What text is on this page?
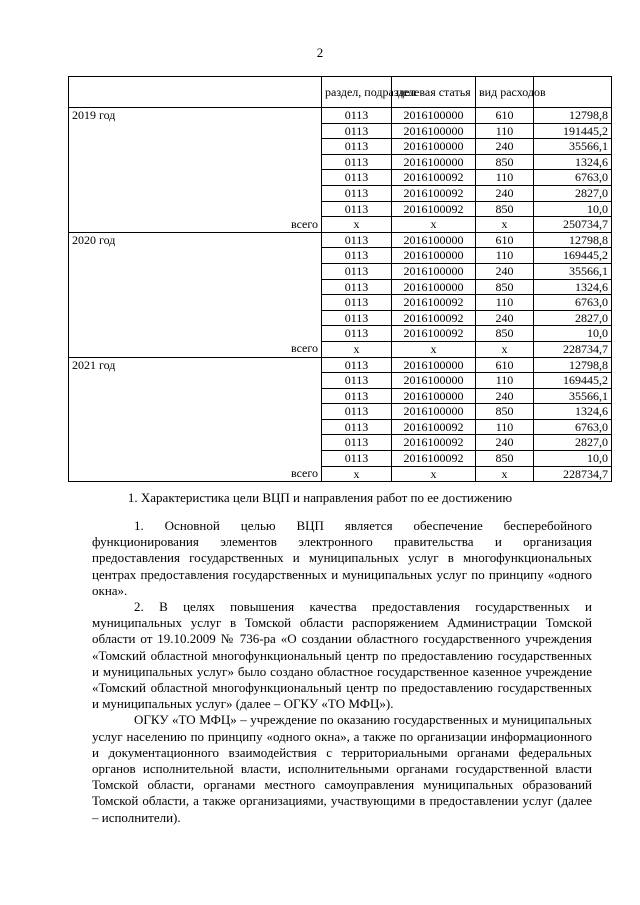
2
	раздел, подраздел	целевая статья	вид расходов	
2019 год	0113	2016100000	610	12798,8
	0113	2016100000	110	191445,2
	0113	2016100000	240	35566,1
	0113	2016100000	850	1324,6
	0113	2016100092	110	6763,0
	0113	2016100092	240	2827,0
	0113	2016100092	850	10,0
всего	х	х	х	250734,7
2020 год	0113	2016100000	610	12798,8
	0113	2016100000	110	169445,2
	0113	2016100000	240	35566,1
	0113	2016100000	850	1324,6
	0113	2016100092	110	6763,0
	0113	2016100092	240	2827,0
	0113	2016100092	850	10,0
всего	х	х	х	228734,7
2021 год	0113	2016100000	610	12798,8
	0113	2016100000	110	169445,2
	0113	2016100000	240	35566,1
	0113	2016100000	850	1324,6
	0113	2016100092	110	6763,0
	0113	2016100092	240	2827,0
	0113	2016100092	850	10,0
всего	х	х	х	228734,7
1. Характеристика цели ВЦП и направления работ по ее достижению

1. Основной целью ВЦП является обеспечение бесперебойного функционирования элементов электронного правительства и организация предоставления государственных и муниципальных услуг в многофункциональных центрах предоставления государственных и муниципальных услуг по принципу «одного окна».

2. В целях повышения качества предоставления государственных и муниципальных услуг в Томской области распоряжением Администрации Томской области от 19.10.2009 № 736-ра «О создании областного государственного учреждения «Томский областной многофункциональный центр по предоставлению государственных и муниципальных услуг» было создано областное государственное казенное учреждение «Томский областной многофункциональный центр по предоставлению государственных и муниципальных услуг» (далее – ОГКУ «ТО МФЦ»).

ОГКУ «ТО МФЦ» – учреждение по оказанию государственных и муниципальных услуг населению по принципу «одного окна», а также по организации информационного и документационного взаимодействия с территориальными органами федеральных органов исполнительной власти, исполнительными органами государственной власти Томской области, органами местного самоуправления муниципальных образований Томской области, а также организациями, участвующими в предоставлении услуг (далее – исполнители).
